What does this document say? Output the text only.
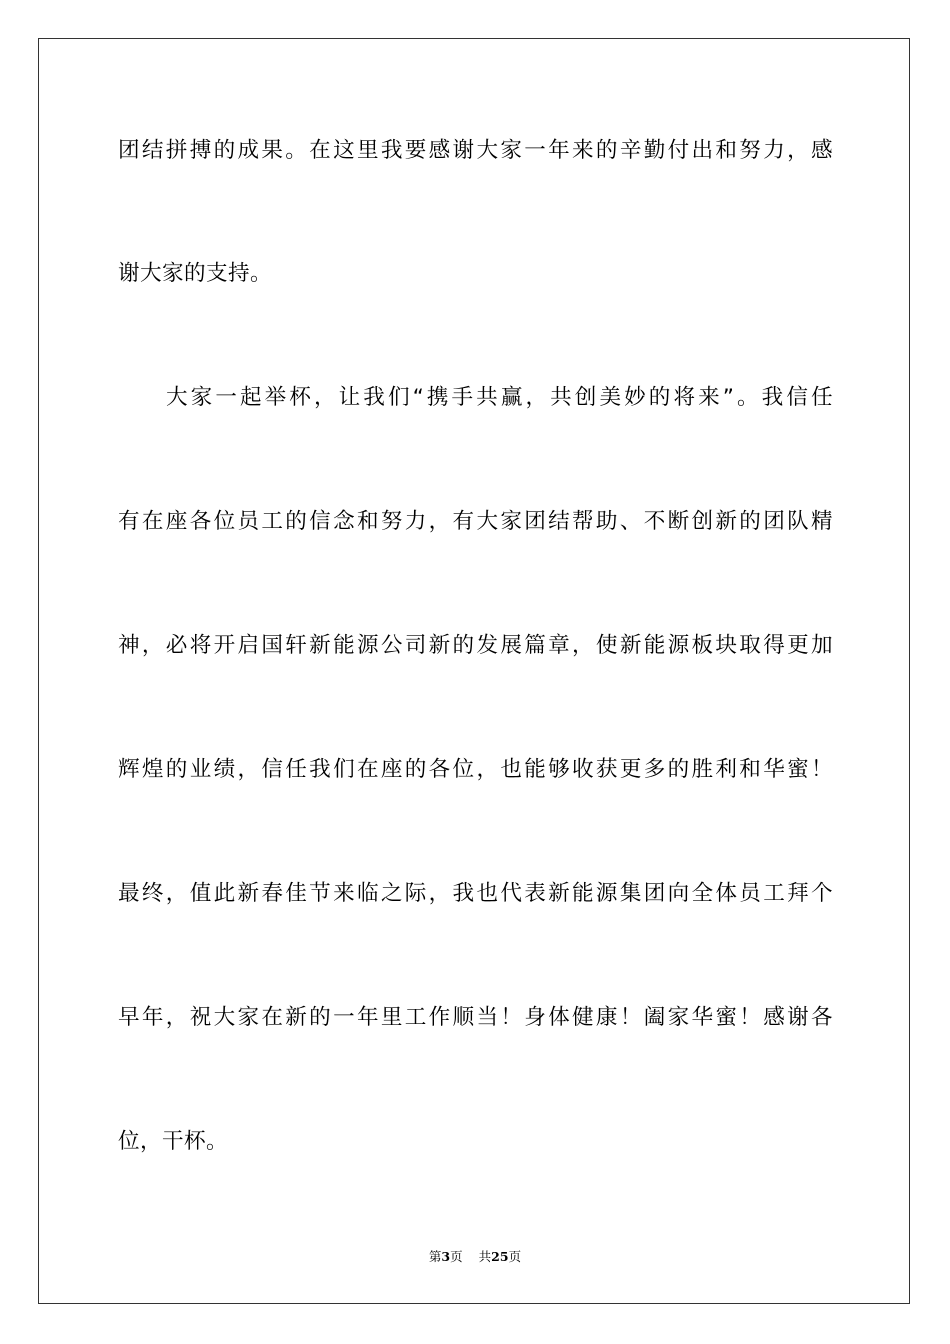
团结拼搏的成果。在这里我要感谢大家一年来的辛勤付出和努力，感
谢大家的支持。
大家一起举杯，让我们“携手共赢，共创美妙的将来”。我信任
有在座各位员工的信念和努力，有大家团结帮助、不断创新的团队精
神，必将开启国轩新能源公司新的发展篇章，使新能源板块取得更加
辉煌的业绩，信任我们在座的各位，也能够收获更多的胜利和华蜜！
最终，值此新春佳节来临之际，我也代表新能源集团向全体员工拜个
早年，祝大家在新的一年里工作顺当！身体健康！阖家华蜜！感谢各
位，干杯。
第3页 共25页
